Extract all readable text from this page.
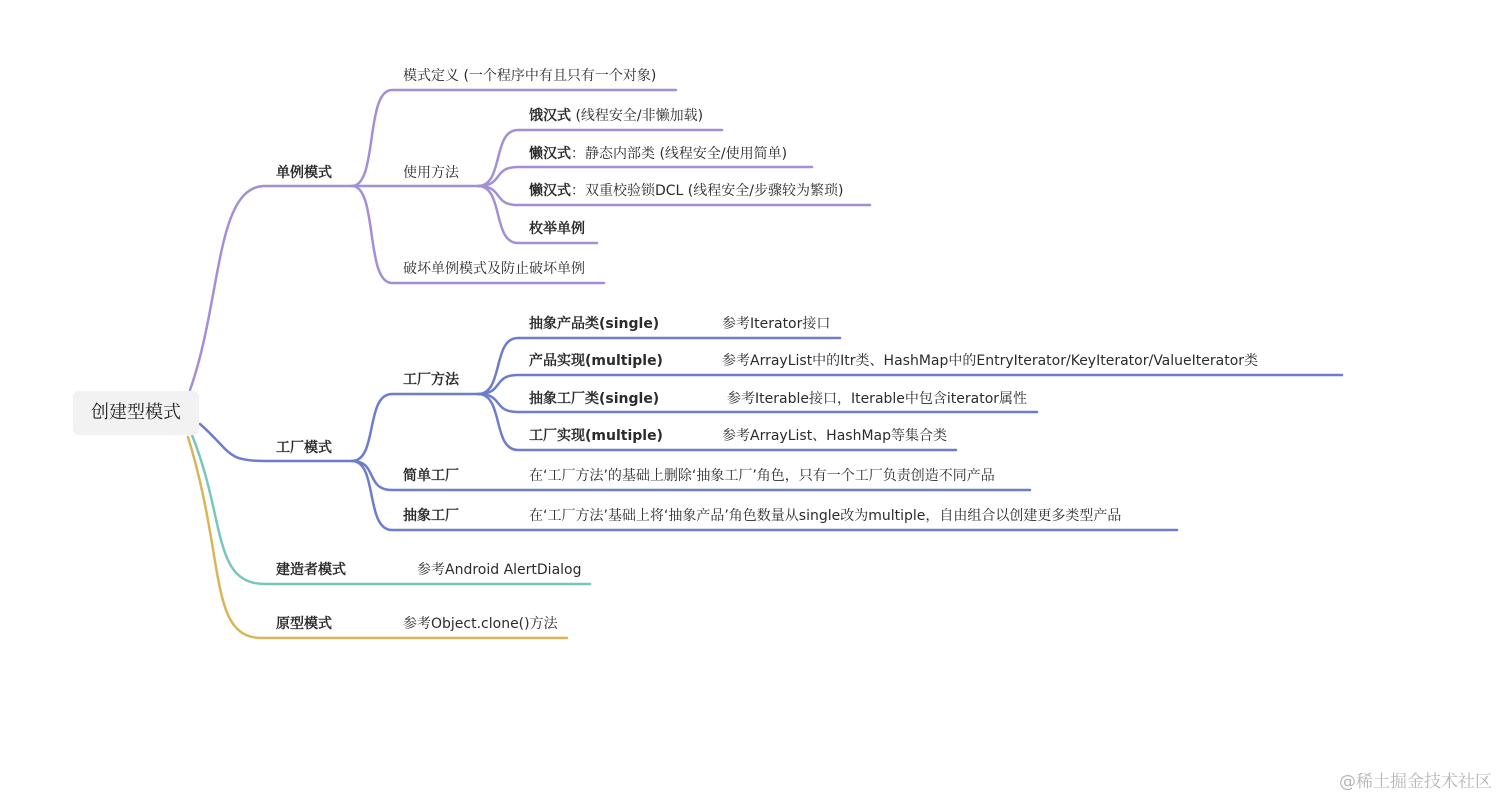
创建型模式
单例模式
模式定义 (一个程序中有且只有一个对象)
使用方法
饿汉式 (线程安全/非懒加载)
懒汉式：静态内部类 (线程安全/使用简单)
懒汉式：双重校验锁DCL (线程安全/步骤较为繁琐)
枚举单例
破坏单例模式及防止破坏单例
工厂模式
工厂方法
抽象产品类(single)	参考Iterator接口
产品实现(multiple)	参考ArrayList中的Itr类、HashMap中的EntryIterator/KeyIterator/ValueIterator类
抽象工厂类(single)	参考Iterable接口，Iterable中包含iterator属性
工厂实现(multiple)	参考ArrayList、HashMap等集合类
简单工厂	在‘工厂方法’的基础上删除‘抽象工厂’角色，只有一个工厂负责创造不同产品
抽象工厂	在‘工厂方法’基础上将‘抽象产品’角色数量从single改为multiple，自由组合以创建更多类型产品
建造者模式	参考Android AlertDialog
原型模式	参考Object.clone()方法
@稀土掘金技术社区
